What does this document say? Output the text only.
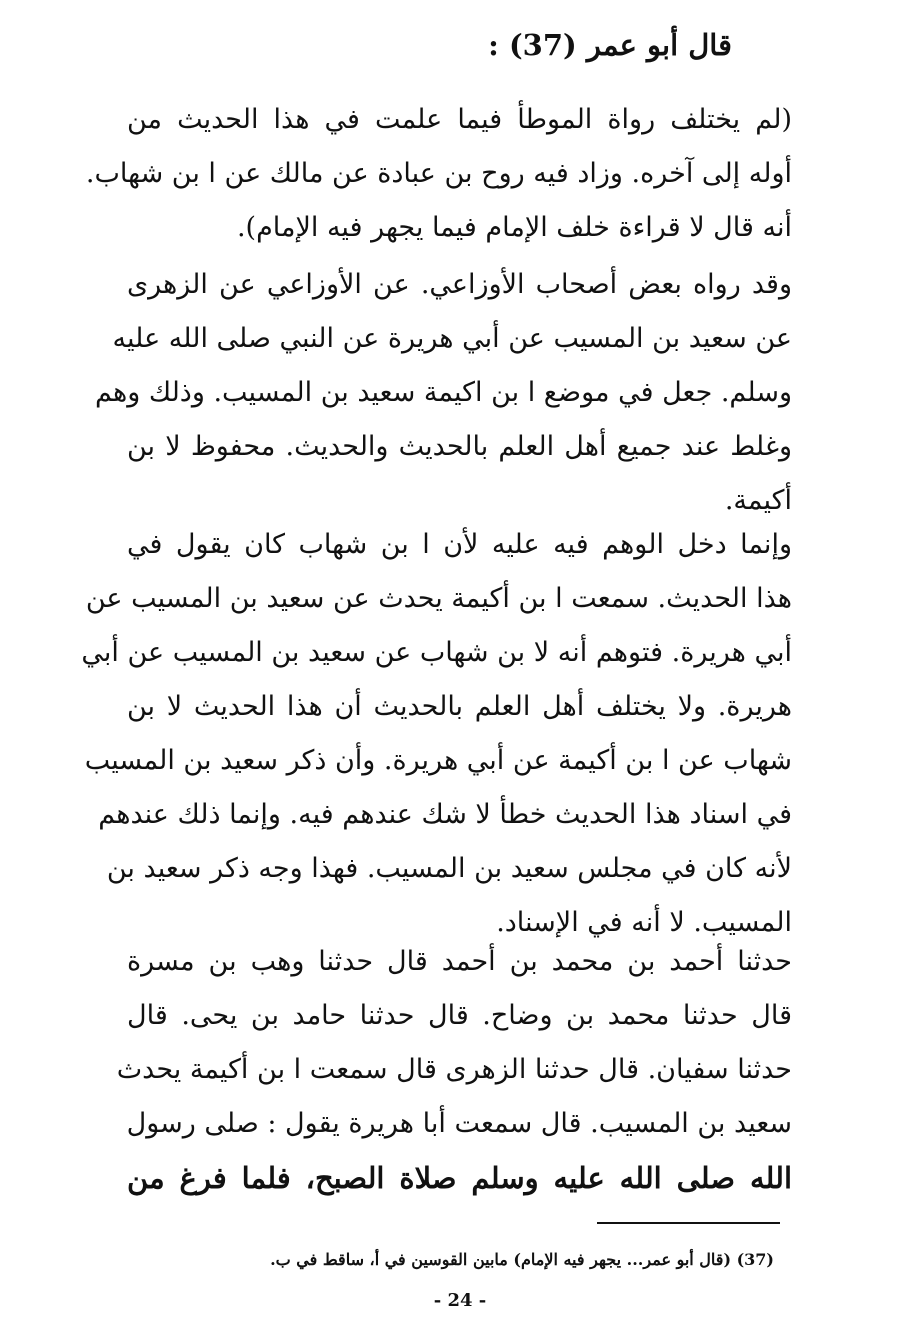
قال أبو عمر (37) :
(لم يختلف رواة الموطأ فيما علمت في هذا الحديث من
أوله إلى آخره. وزاد فيه روح بن عبادة عن مالك عن ا بن شهاب.
أنه قال لا قراءة خلف الإمام فيما يجهر فيه الإمام).
وقد رواه بعض أصحاب الأوزاعي. عن الأوزاعي عن الزهرى
عن سعيد بن المسيب عن أبي هريرة عن النبي صلى الله عليه
وسلم. جعل في موضع ا بن اكيمة سعيد بن المسيب. وذلك وهم
وغلط عند جميع أهل العلم بالحديث والحديث. محفوظ لا بن
أكيمة.
وإنما دخل الوهم فيه عليه لأن ا بن شهاب كان يقول في
هذا الحديث. سمعت ا بن أكيمة يحدث عن سعيد بن المسيب عن
أبي هريرة. فتوهم أنه لا بن شهاب عن سعيد بن المسيب عن أبي
هريرة. ولا يختلف أهل العلم بالحديث أن هذا الحديث لا بن
شهاب عن ا بن أكيمة عن أبي هريرة. وأن ذكر سعيد بن المسيب
في اسناد هذا الحديث خطأ لا شك عندهم فيه. وإنما ذلك عندهم
لأنه كان في مجلس سعيد بن المسيب. فهذا وجه ذكر سعيد بن
المسيب. لا أنه في الإسناد.
حدثنا أحمد بن محمد بن أحمد قال حدثنا وهب بن مسرة
قال حدثنا محمد بن وضاح. قال حدثنا حامد بن يحى. قال
حدثنا سفيان. قال حدثنا الزهرى قال سمعت ا بن أكيمة يحدث
سعيد بن المسيب. قال سمعت أبا هريرة يقول : صلى رسول
الله صلى الله عليه وسلم صلاة الصبح، فلما فرغ من
(37) (قال أبو عمر... يجهر فيه الإمام) مابين القوسين في أ، ساقط في ب.
- 24 -
